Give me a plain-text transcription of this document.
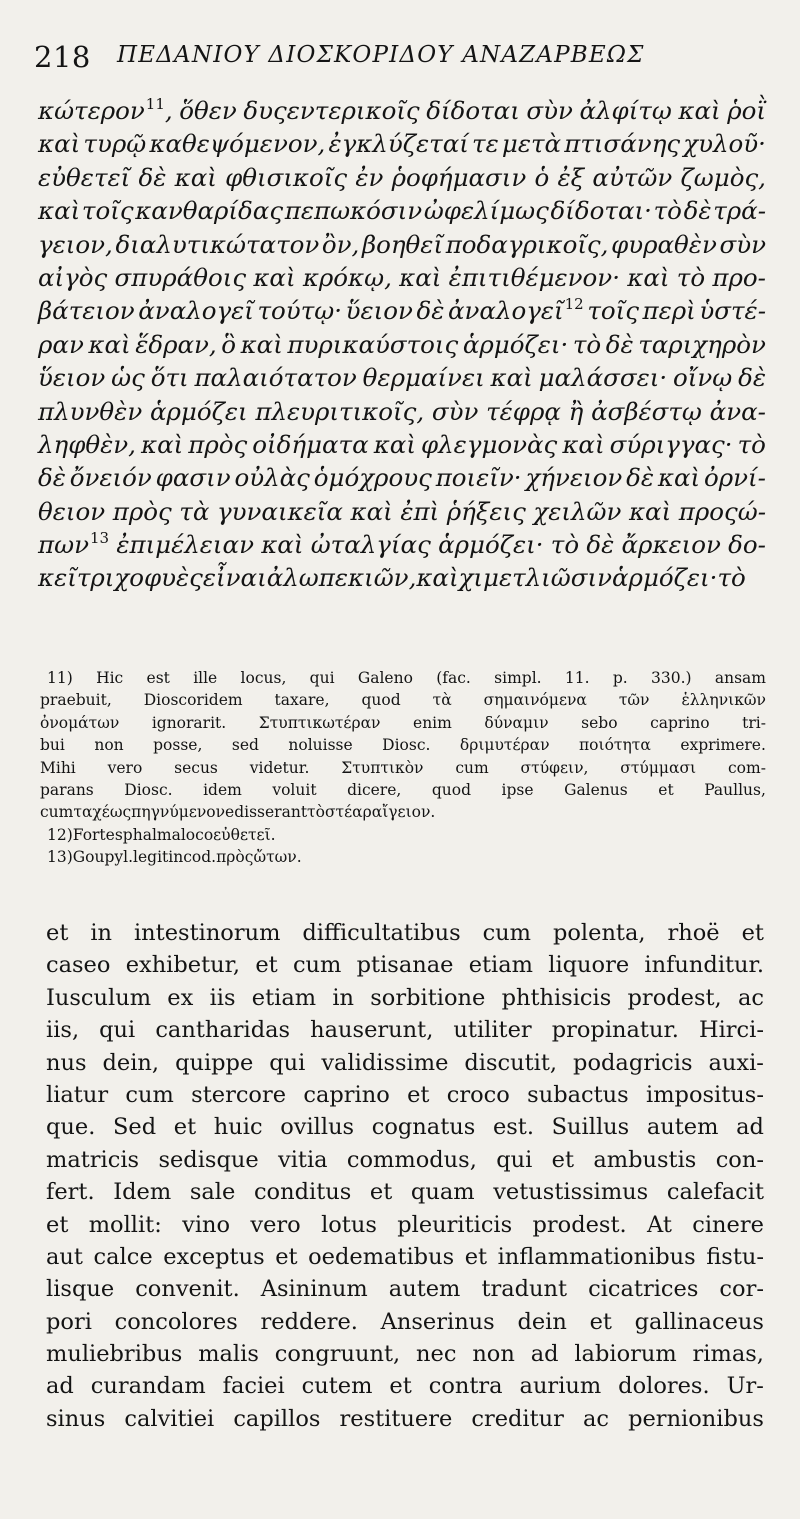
218 ΠΕΔΑΝΙΟΥ ΔΙΟΣΚΟΡΙΔΟΥ ΑΝΑΖΑΡΒΕΩΣ
κώτερον$^{11}$, ὅθεν δυςεντερικοῖς δίδοται σὺν ἀλφίτῳ καὶ ῥοῒ
καὶ τυρῷ καθεψόμενον, ἐγκλύζεταί τε μετὰ πτισάνης χυλοῦ·
εὐθετεῖ δὲ καὶ φθισικοῖς ἐν ῥοφήμασιν ὁ ἐξ αὐτῶν ζωμὸς,
καὶ τοῖς κανθαρίδας πεπωκόσιν ὠφελίμως δίδοται· τὸ δὲ τρά-
γειον, διαλυτικώτατον ὂν, βοηθεῖ ποδαγρικοῖς, φυραθὲν σὺν
αἰγὸς σπυράθοις καὶ κρόκῳ, καὶ ἐπιτιθέμενον· καὶ τὸ προ-
βάτειον ἀναλογεῖ τούτῳ· ὕειον δὲ ἀναλογεῖ$^{12}$ τοῖς περὶ ὑστέ-
ραν καὶ ἕδραν, ὃ καὶ πυρικαύστοις ἁρμόζει· τὸ δὲ ταριχηρὸν
ὕειον ὡς ὅτι παλαιότατον θερμαίνει καὶ μαλάσσει· οἴνῳ δὲ
πλυνθὲν ἁρμόζει πλευριτικοῖς, σὺν τέφρᾳ ἢ ἀσβέστῳ ἀνα-
ληφθὲν, καὶ πρὸς οἰδήματα καὶ φλεγμονὰς καὶ σύριγγας· τὸ
δὲ ὄνειόν φασιν οὐλὰς ὁμόχρους ποιεῖν· χήνειον δὲ καὶ ὀρνί-
θειον πρὸς τὰ γυναικεῖα καὶ ἐπὶ ῥήξεις χειλῶν καὶ προςώ-
πων$^{13}$ ἐπιμέλειαν καὶ ὠταλγίας ἁρμόζει· τὸ δὲ ἄρκειον δο-
κεῖ τριχοφυὲς εἶναι ἀλωπεκιῶν, καὶ χιμετλιῶσιν ἁρμόζει· τὸ
11) Hic est ille locus, qui Galeno (fac. simpl. 11. p. 330.) ansam
praebuit, Dioscoridem taxare, quod τὰ σημαινόμενα τῶν ἑλληνικῶν
ὀνομάτων ignorarit. Στυπτικωτέραν enim δύναμιν sebo caprino tri-
bui non posse, sed noluisse Diosc. δριμυτέραν ποιότητα exprimere.
Mihi vero secus videtur. Στυπτικὸν cum στύφειν, στύμμασι com-
parans Diosc. idem voluit dicere, quod ipse Galenus et Paullus,
cum ταχέως πηγνύμενον edisserant τὸ στέαρ αἴγειον.
12) Forte sphalma loco εὐθετεῖ.
13) Goupyl. legit in cod. πρὸς ὤτων.
et in intestinorum difficultatibus cum polenta, rhoë et
caseo exhibetur, et cum ptisanae etiam liquore infunditur.
Iusculum ex iis etiam in sorbitione phthisicis prodest, ac
iis, qui cantharidas hauserunt, utiliter propinatur. Hirci-
nus dein, quippe qui validissime discutit, podagricis auxi-
liatur cum stercore caprino et croco subactus impositus-
que. Sed et huic ovillus cognatus est. Suillus autem ad
matricis sedisque vitia commodus, qui et ambustis con-
fert. Idem sale conditus et quam vetustissimus calefacit
et mollit: vino vero lotus pleuriticis prodest. At cinere
aut calce exceptus et oedematibus et inflammationibus fistu-
lisque convenit. Asininum autem tradunt cicatrices cor-
pori concolores reddere. Anserinus dein et gallinaceus
muliebribus malis congruunt, nec non ad labiorum rimas,
ad curandam faciei cutem et contra aurium dolores. Ur-
sinus calvitiei capillos restituere creditur ac pernionibus
